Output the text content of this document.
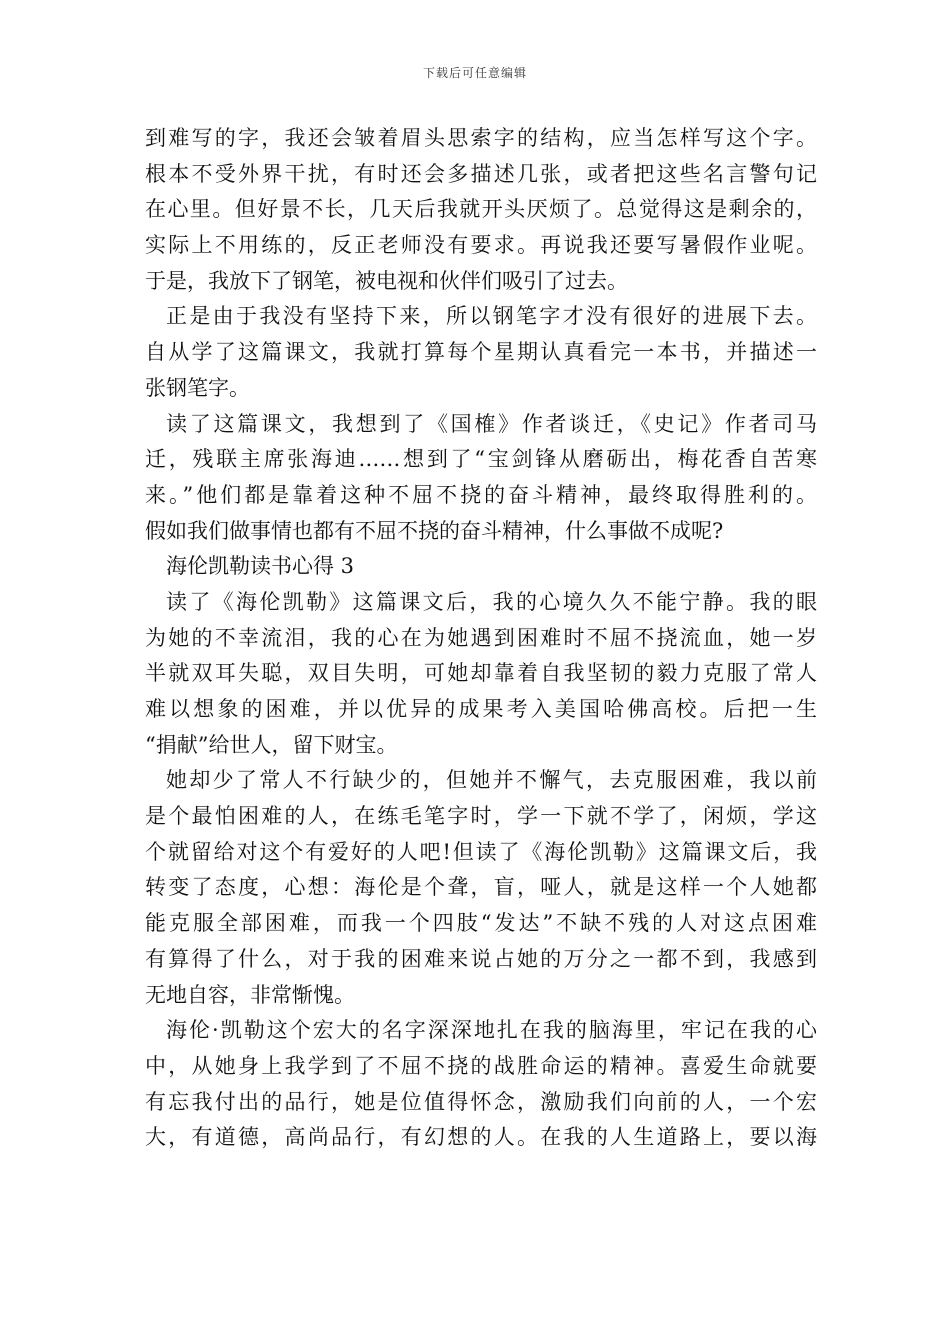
下载后可任意编辑
到难写的字，我还会皱着眉头思索字的结构，应当怎样写这个字。
根本不受外界干扰，有时还会多描述几张，或者把这些名言警句记
在心里。但好景不长，几天后我就开头厌烦了。总觉得这是剩余的，
实际上不用练的，反正老师没有要求。再说我还要写暑假作业呢。
于是，我放下了钢笔，被电视和伙伴们吸引了过去。
正是由于我没有坚持下来，所以钢笔字才没有很好的进展下去。
自从学了这篇课文，我就打算每个星期认真看完一本书，并描述一
张钢笔字。
读了这篇课文，我想到了《国榷》作者谈迁，《史记》作者司马
迁，残联主席张海迪……想到了“宝剑锋从磨砺出，梅花香自苦寒
来。”他们都是靠着这种不屈不挠的奋斗精神，最终取得胜利的。
假如我们做事情也都有不屈不挠的奋斗精神，什么事做不成呢?
海伦凯勒读书心得 3
读了《海伦凯勒》这篇课文后，我的心境久久不能宁静。我的眼
为她的不幸流泪，我的心在为她遇到困难时不屈不挠流血，她一岁
半就双耳失聪，双目失明，可她却靠着自我坚韧的毅力克服了常人
难以想象的困难，并以优异的成果考入美国哈佛高校。后把一生
“捐献”给世人，留下财宝。
她却少了常人不行缺少的，但她并不懈气，去克服困难，我以前
是个最怕困难的人，在练毛笔字时，学一下就不学了，闲烦，学这
个就留给对这个有爱好的人吧!但读了《海伦凯勒》这篇课文后，我
转变了态度，心想：海伦是个聋，盲，哑人，就是这样一个人她都
能克服全部困难，而我一个四肢“发达”不缺不残的人对这点困难
有算得了什么，对于我的困难来说占她的万分之一都不到，我感到
无地自容，非常惭愧。
海伦·凯勒这个宏大的名字深深地扎在我的脑海里，牢记在我的心
中，从她身上我学到了不屈不挠的战胜命运的精神。喜爱生命就要
有忘我付出的品行，她是位值得怀念，激励我们向前的人，一个宏
大，有道德，高尚品行，有幻想的人。在我的人生道路上，要以海
